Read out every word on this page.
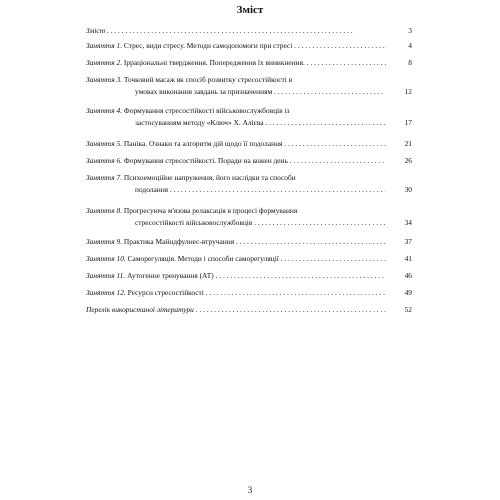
Зміст
Зміст . . .	3
Заняття 1. Стрес, види стресу. Методи самодопомоги при стресі . . .	4
Заняття 2. Ірраціональні твердження. Попередження їх виникнення. . . .	8
Заняття 3. Точковий масаж як спосіб розвитку стресостійкості в
умовах виконання завдань за призначенням . . .	12
Заняття 4. Формування стресостійкості військовослужбовців із
застосуванням методу «Ключ» Х. Алієва . . .	17
Заняття 5. Паніка. Ознаки та алгоритм дій щодо її подолання . . .	21
Заняття 6. Формування стресостійкості. Поради на кожен день . . .	26
Заняття 7. Психоемоційне напруження, його наслідки та способи
подолання . . .	30
Заняття 8. Прогресуюча м'язова релаксація в процесі формування
стресостійкості військовослужбовців . . .	34
Заняття 9. Практика Майндфулнес-втручання . . .	37
Заняття 10. Саморегуляція. Методи і способи саморегуляції . . .	41
Заняття 11. Аутогенне тренування (АТ) . . .	46
Заняття 12. Ресурси стресостійкості . . .	49
Перелік використаної літератури . . .	52
3
